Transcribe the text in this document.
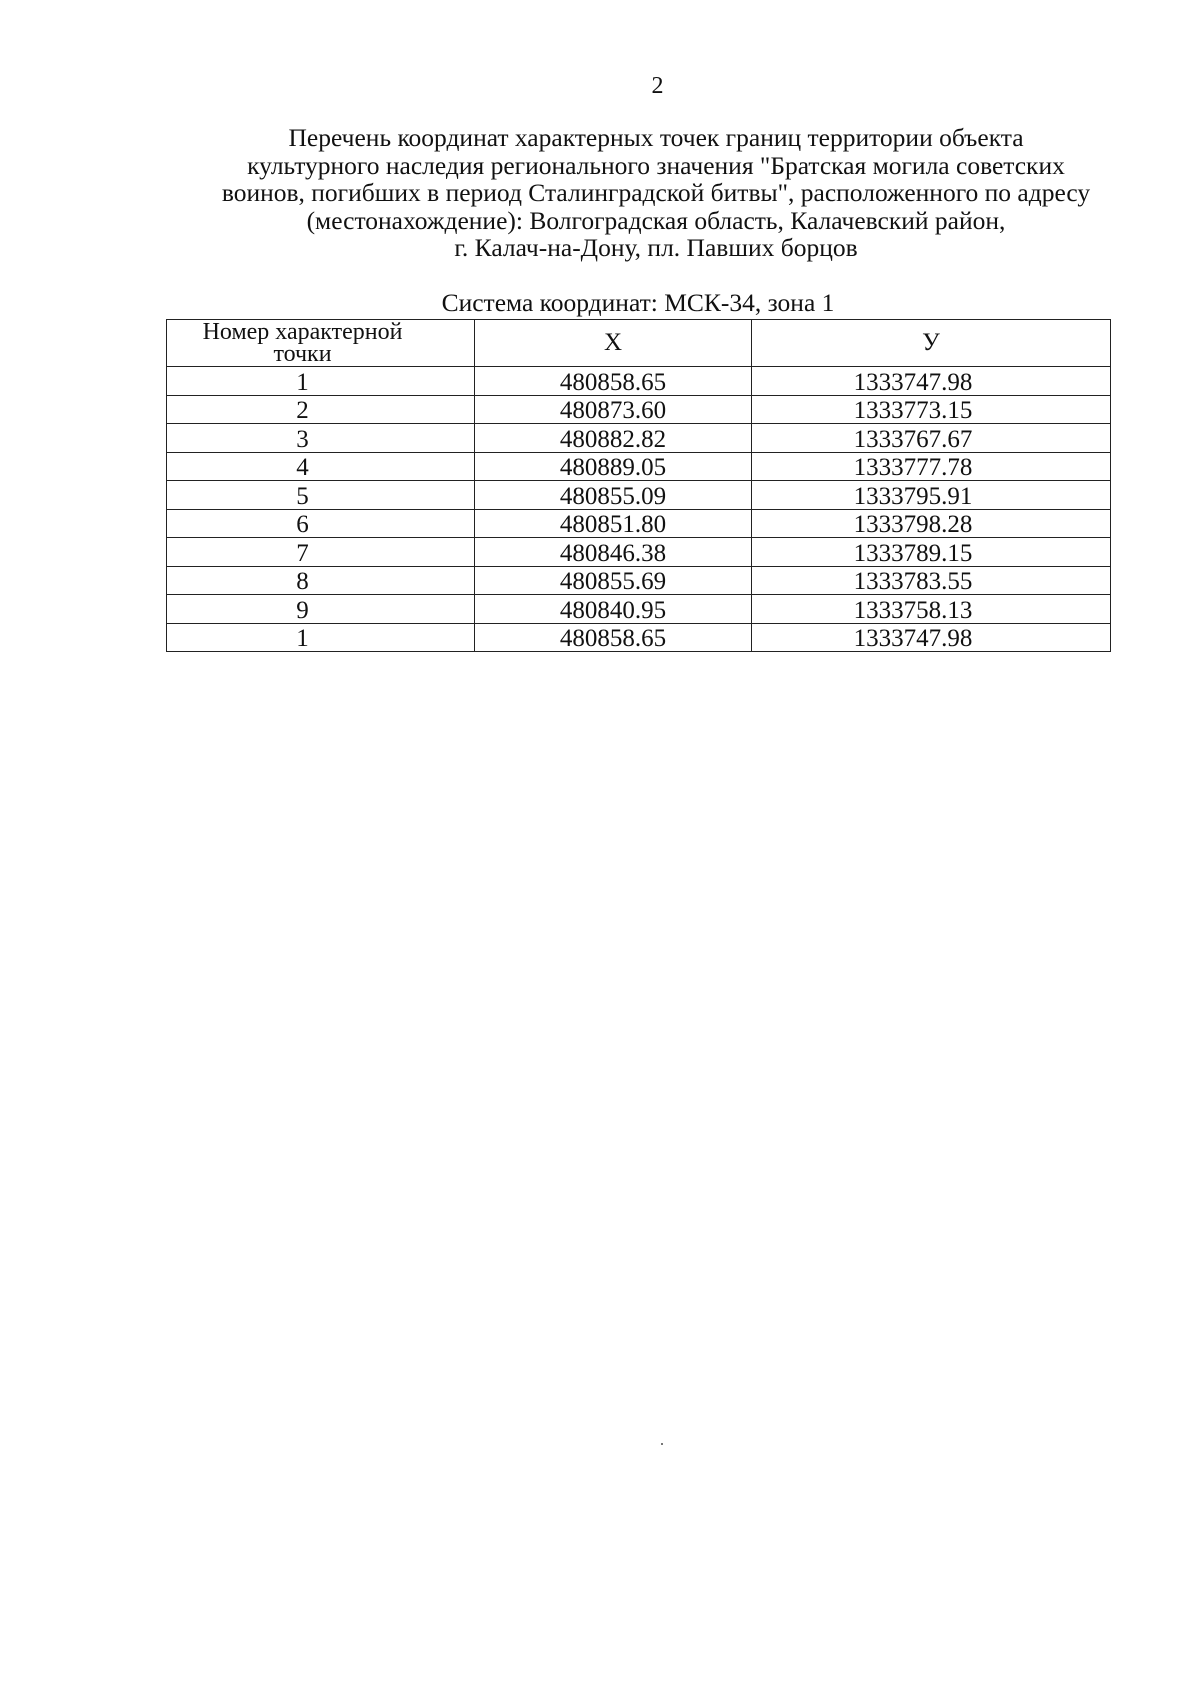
2
Перечень координат характерных точек границ территории объекта
культурного наследия регионального значения "Братская могила советских
воинов, погибших в период Сталинградской битвы", расположенного по адресу
(местонахождение): Волгоградская область, Калачевский район,
г. Калач-на-Дону, пл. Павших борцов
Система координат: МСК-34, зона 1
Номер характерной
точки	X	У
1	480858.65	1333747.98
2	480873.60	1333773.15
3	480882.82	1333767.67
4	480889.05	1333777.78
5	480855.09	1333795.91
6	480851.80	1333798.28
7	480846.38	1333789.15
8	480855.69	1333783.55
9	480840.95	1333758.13
1	480858.65	1333747.98
